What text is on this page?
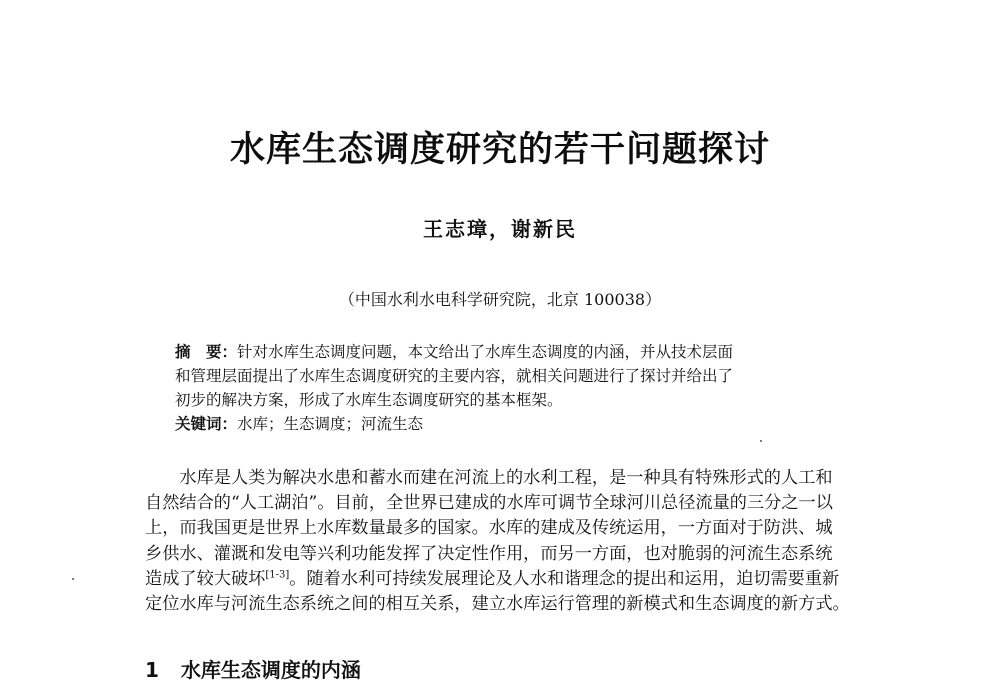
水库生态调度研究的若干问题探讨
王志璋，谢新民
（中国水利水电科学研究院，北京 100038）

摘　要：针对水库生态调度问题，本文给出了水库生态调度的内涵，并从技术层面

和管理层面提出了水库生态调度研究的主要内容，就相关问题进行了探讨并给出了

初步的解决方案，形成了水库生态调度研究的基本框架。

关键词：水库；生态调度；河流生态

　　水库是人类为解决水患和蓄水而建在河流上的水利工程，是一种具有特殊形式的人工和

自然结合的“人工湖泊”。目前，全世界已建成的水库可调节全球河川总径流量的三分之一以

上，而我国更是世界上水库数量最多的国家。水库的建成及传统运用，一方面对于防洪、城

乡供水、灌溉和发电等兴利功能发挥了决定性作用，而另一方面，也对脆弱的河流生态系统

造成了较大破坏[1-3]。随着水利可持续发展理论及人水和谐理念的提出和运用，迫切需要重新

定位水库与河流生态系统之间的相互关系，建立水库运行管理的新模式和生态调度的新方式。

1 水库生态调度的内涵
